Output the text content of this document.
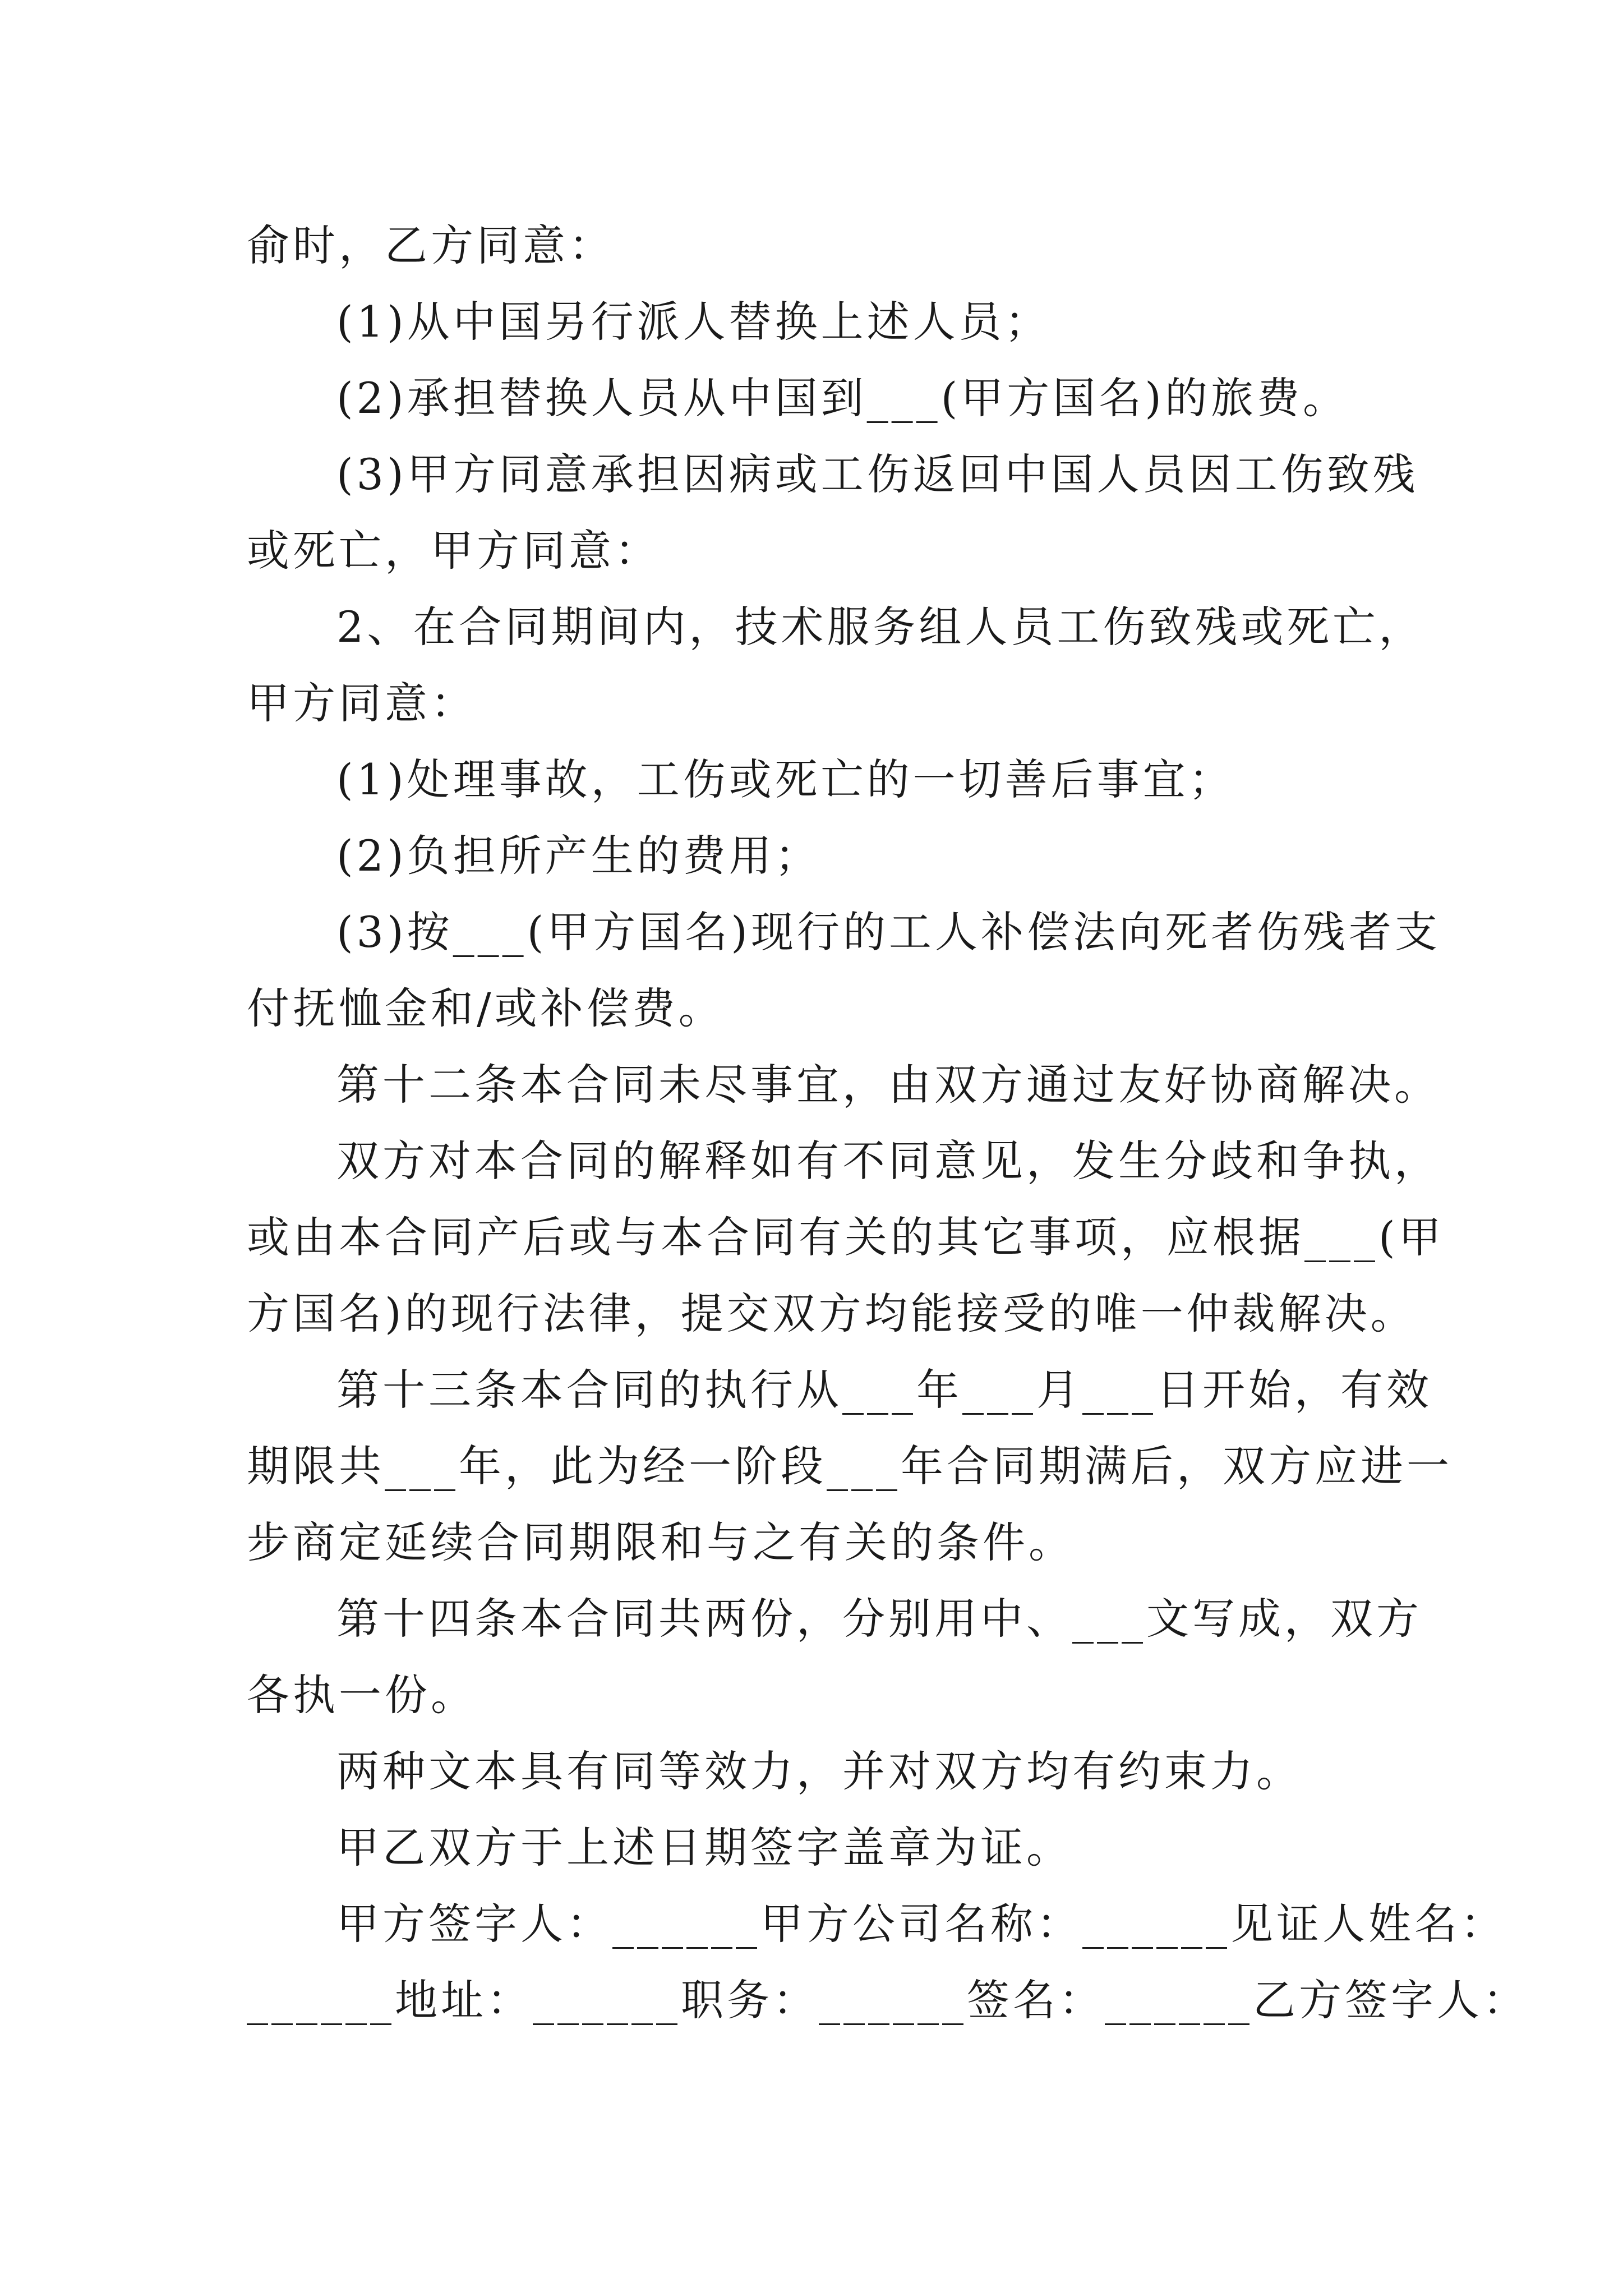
俞时，乙方同意：
(1)从中国另行派人替换上述人员；
(2)承担替换人员从中国到___(甲方国名)的旅费。
(3)甲方同意承担因病或工伤返回中国人员因工伤致残
或死亡，甲方同意：
2、在合同期间内，技术服务组人员工伤致残或死亡，
甲方同意：
(1)处理事故，工伤或死亡的一切善后事宜；
(2)负担所产生的费用；
(3)按___(甲方国名)现行的工人补偿法向死者伤残者支
付抚恤金和/或补偿费。
第十二条本合同未尽事宜，由双方通过友好协商解决。
双方对本合同的解释如有不同意见，发生分歧和争执，
或由本合同产后或与本合同有关的其它事项，应根据___(甲
方国名)的现行法律，提交双方均能接受的唯一仲裁解决。
第十三条本合同的执行从___年___月___日开始，有效
期限共___年，此为经一阶段___年合同期满后，双方应进一
步商定延续合同期限和与之有关的条件。
第十四条本合同共两份，分别用中、___文写成，双方
各执一份。
两种文本具有同等效力，并对双方均有约束力。
甲乙双方于上述日期签字盖章为证。
甲方签字人：______甲方公司名称：______见证人姓名：
______地址：______职务：______签名：______乙方签字人：
